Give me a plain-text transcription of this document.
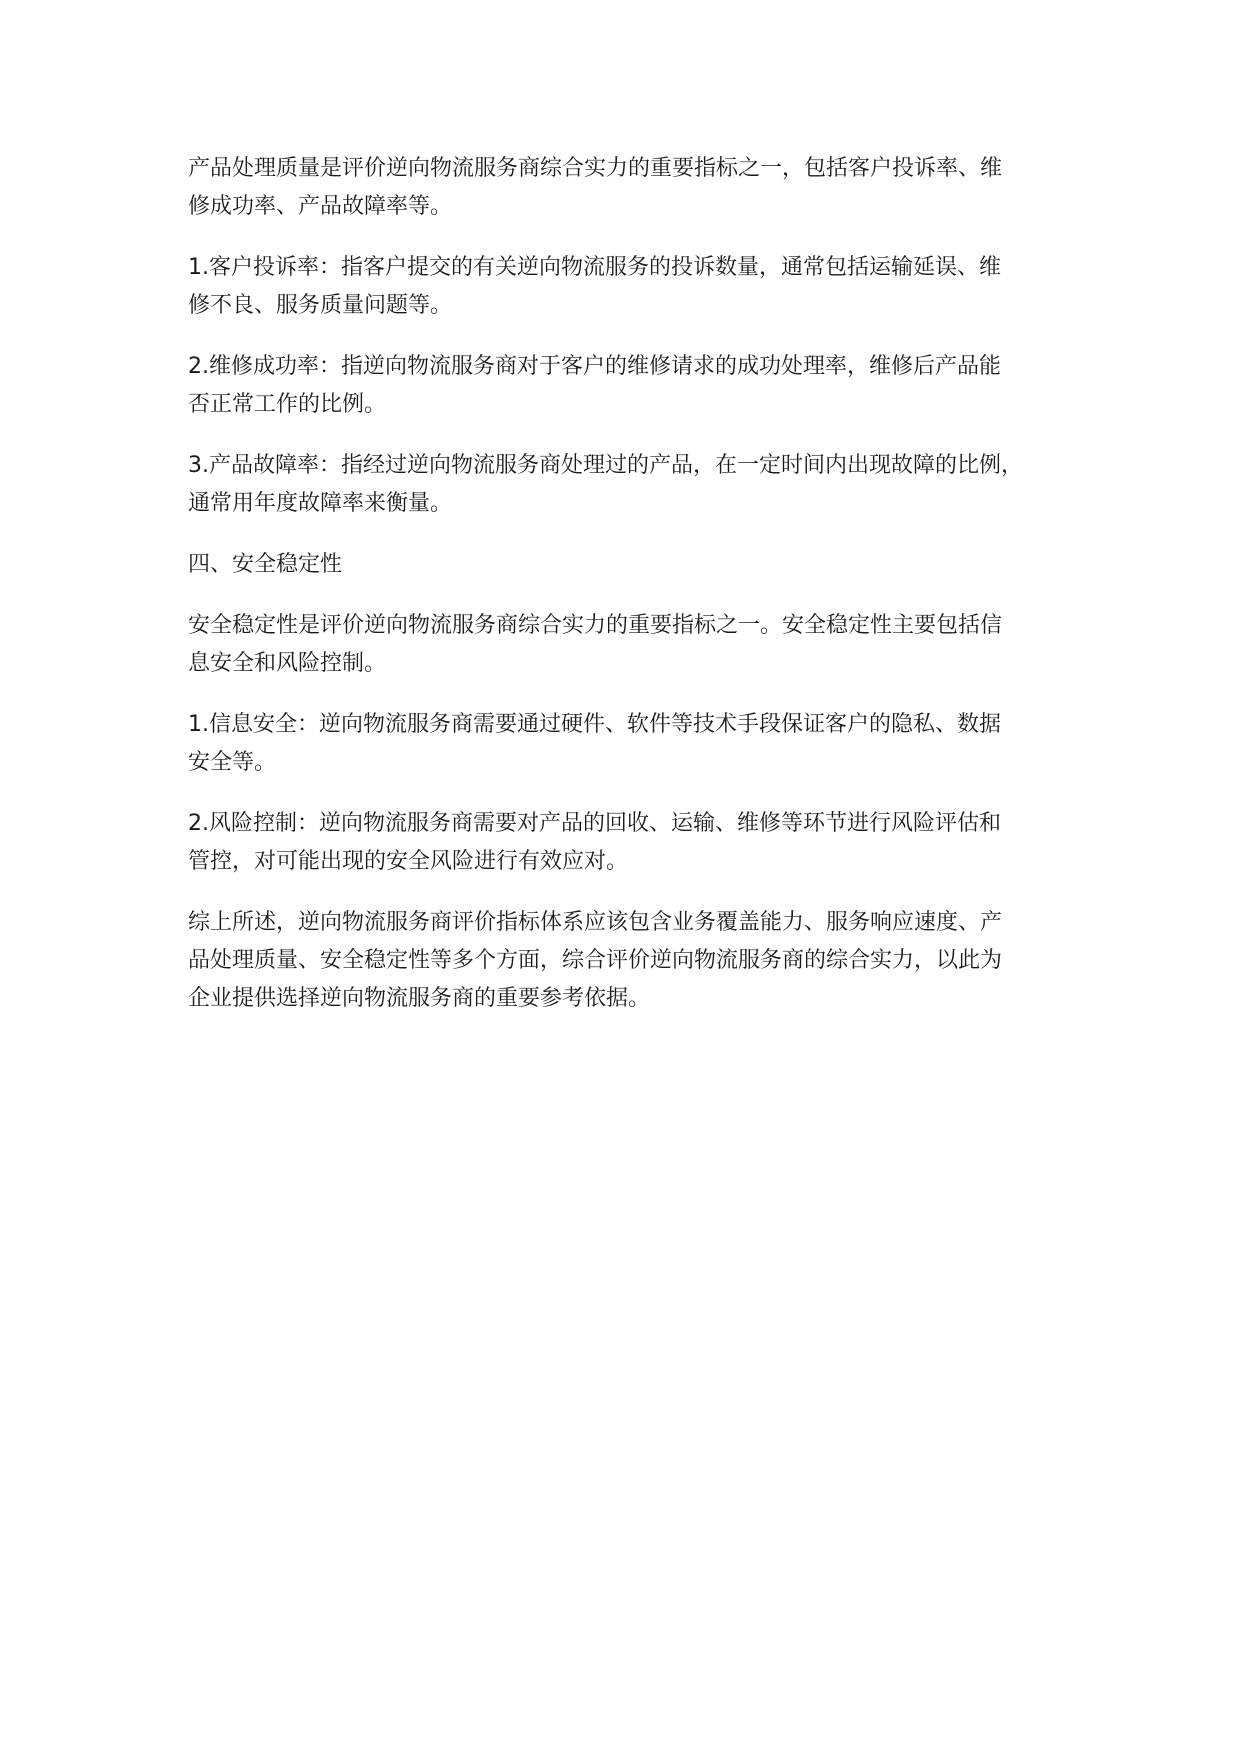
产品处理质量是评价逆向物流服务商综合实力的重要指标之一，包括客户投诉率、维
修成功率、产品故障率等。
1.客户投诉率：指客户提交的有关逆向物流服务的投诉数量，通常包括运输延误、维
修不良、服务质量问题等。
2.维修成功率：指逆向物流服务商对于客户的维修请求的成功处理率，维修后产品能
否正常工作的比例。
3.产品故障率：指经过逆向物流服务商处理过的产品，在一定时间内出现故障的比例，
通常用年度故障率来衡量。
四、安全稳定性
安全稳定性是评价逆向物流服务商综合实力的重要指标之一。安全稳定性主要包括信
息安全和风险控制。
1.信息安全：逆向物流服务商需要通过硬件、软件等技术手段保证客户的隐私、数据
安全等。
2.风险控制：逆向物流服务商需要对产品的回收、运输、维修等环节进行风险评估和
管控，对可能出现的安全风险进行有效应对。
综上所述，逆向物流服务商评价指标体系应该包含业务覆盖能力、服务响应速度、产
品处理质量、安全稳定性等多个方面，综合评价逆向物流服务商的综合实力，以此为
企业提供选择逆向物流服务商的重要参考依据。
